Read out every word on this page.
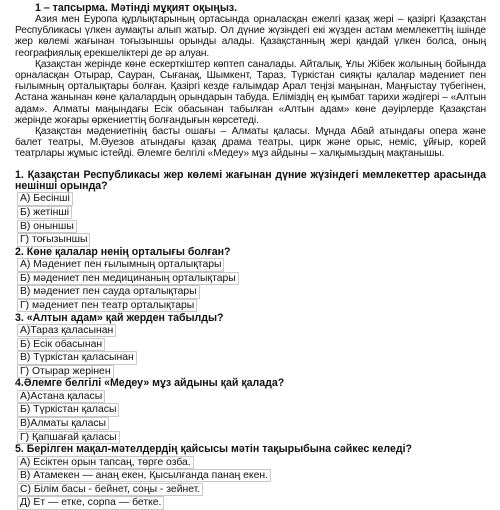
1 – тапсырма. Мәтінді мұқият оқыңыз.

Азия мен Еуропа құрлықтарының ортасында орналасқан ежелгі қазақ жері – қазіргі Қазақстан Республикасы үлкен аумақты алып жатыр. Ол дүние жүзіндегі екі жүзден астам мемлекеттің ішінде жер көлемі жағынан тоғызыншы орынды алады. Қазақстанның жері қандай үлкен болса, оның географиялық ерекшеліктері де әр алуан.

Қазақстан жерінде көне ескерткіштер көптеп саналады. Айталық, Ұлы Жібек жолының бойында орналасқан Отырар, Сауран, Сығанақ, Шымкент, Тараз, Түркістан сияқты қалалар мәдениет пен ғылымның орталықтары болған. Қазіргі кезде ғалымдар Арал теңізі маңынан, Маңғыстау түбегінен, Астана жанынан көне қалалардың орындарын табуда. Еліміздің ең қымбат тарихи жәдігері – «Алтын адам». Алматы маңындағы Есік обасынан табылған «Алтын адам» көне дәуірлерде Қазақстан жерінде жоғары өркениеттің болғандығын көрсетеді.

Қазақстан мәдениетінің басты ошағы – Алматы қаласы. Мұнда Абай атындағы опера және балет театры, М.Әуезов атындағы қазақ драма театры, цирк және орыс, неміс, ұйғыр, корей театрлары жұмыс істейді. Әлемге белгілі «Медеу» мұз айдыны – халқымыздың мақтанышы.

1. Қазақстан Республикасы жер көлемі жағынан дүние жүзіндегі мемлекеттер арасында нешінші орында?
А) Бесінші
Б) жетінші
В) оныншы
Г) тоғызыншы
2. Көне қалалар ненің орталығы болған?
А) Мәдениет пен ғылымның орталықтары
Б) мәдениет пен медицинаның орталықтары
В) мәдениет пен сауда орталықтары
Г) мәдениет пен театр орталықтары
3. «Алтын адам» қай жерден табылды?
А)Тараз қаласынан
Б) Есік обасынан
В) Түркістан қаласынан
Г) Отырар жерінен
4.Әлемге белгілі «Медеу» мұз айдыны қай қалада?
А)Астана қаласы
Б) Түркістан қаласы
В)Алматы қаласы
Г) Қапшағай қаласы
5. Берілген мақал-мәтелдердің қайсысы мәтін тақырыбына сәйкес келеді?
А) Есіктен орын тапсаң, төрге озба.
В) Атамекен — анаң екен, Қысылғанда панаң екен.
С) Білім басы - бейнет, соңы - зейнет.
Д) Ет — етке, сорпа — бетке.
